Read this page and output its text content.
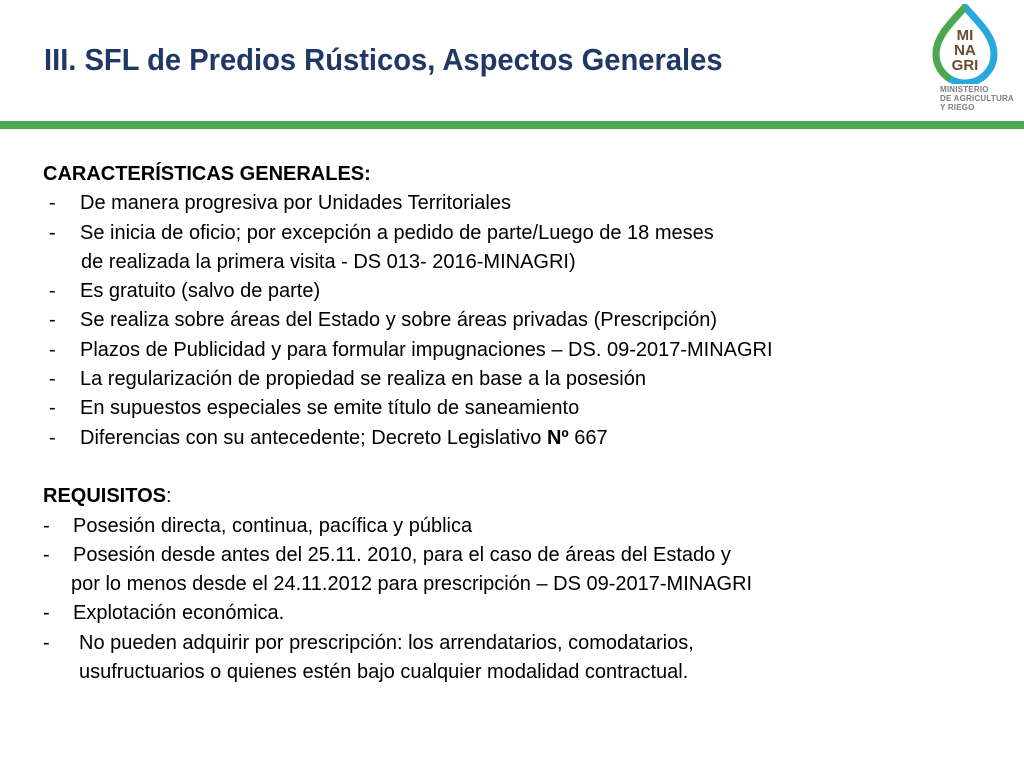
III. SFL de Predios Rústicos, Aspectos Generales
MI
NA
GRI
MINISTERIO
DE AGRICULTURA
Y RIEGO
CARACTERÍSTICAS GENERALES:
- De manera progresiva por Unidades Territoriales
- Se inicia de oficio; por excepción a pedido de parte/Luego de 18 meses
de realizada la primera visita - DS 013- 2016-MINAGRI)
- Es gratuito (salvo de parte)
- Se realiza sobre áreas del Estado y sobre áreas privadas (Prescripción)
- Plazos de Publicidad y para formular impugnaciones – DS. 09-2017-MINAGRI
- La regularización de propiedad se realiza en base a la posesión
- En supuestos especiales se emite título de saneamiento
- Diferencias con su antecedente; Decreto Legislativo Nº 667
REQUISITOS:
- Posesión directa, continua, pacífica y pública
- Posesión desde antes del 25.11. 2010, para el caso de áreas del Estado y
por lo menos desde el 24.11.2012 para prescripción – DS 09-2017-MINAGRI
- Explotación económica.
- No pueden adquirir por prescripción: los arrendatarios, comodatarios,
usufructuarios o quienes estén bajo cualquier modalidad contractual.
